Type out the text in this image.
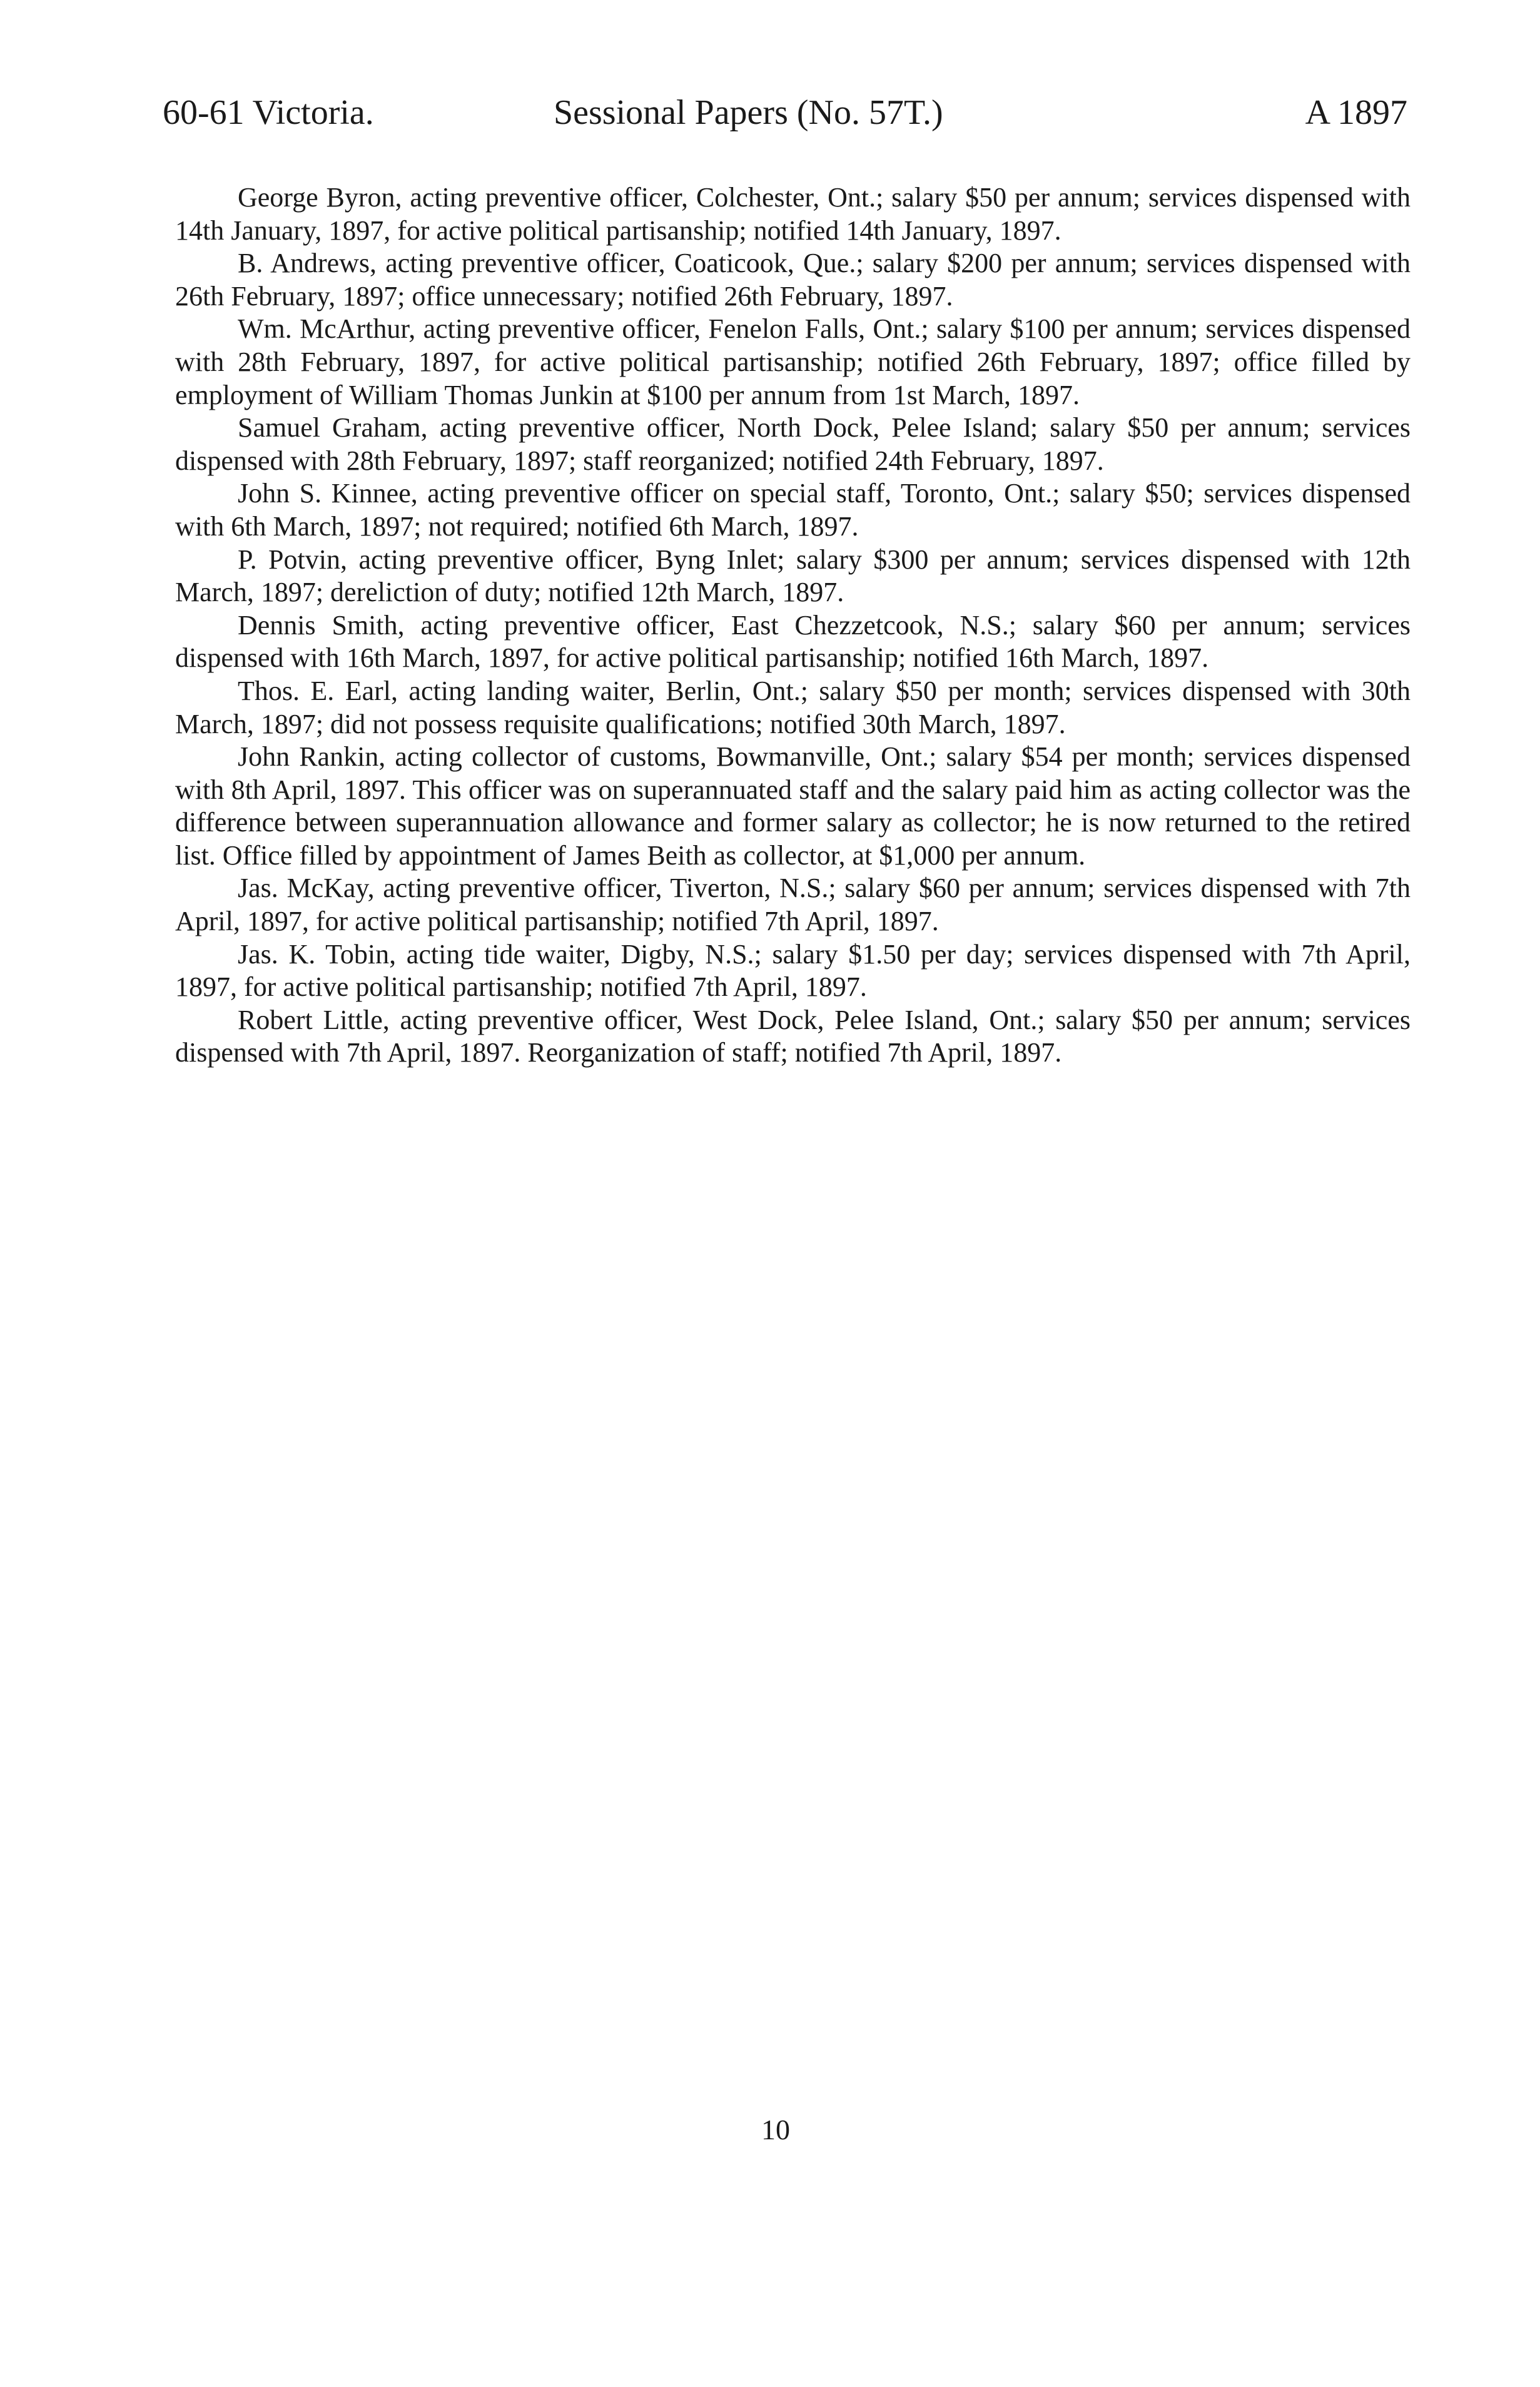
60-61 Victoria.	Sessional Papers (No. 57T.)	A 1897

George Byron, acting preventive officer, Colchester, Ont.; salary $50 per annum; services dispensed with 14th January, 1897, for active political partisanship; notified 14th January, 1897.

B. Andrews, acting preventive officer, Coaticook, Que.; salary $200 per annum; services dispensed with 26th February, 1897; office unnecessary; notified 26th February, 1897.

Wm. McArthur, acting preventive officer, Fenelon Falls, Ont.; salary $100 per annum; services dispensed with 28th February, 1897, for active political partisanship; notified 26th February, 1897; office filled by employment of William Thomas Junkin at $100 per annum from 1st March, 1897.

Samuel Graham, acting preventive officer, North Dock, Pelee Island; salary $50 per annum; services dispensed with 28th February, 1897; staff reorganized; notified 24th February, 1897.

John S. Kinnee, acting preventive officer on special staff, Toronto, Ont.; salary $50; services dispensed with 6th March, 1897; not required; notified 6th March, 1897.

P. Potvin, acting preventive officer, Byng Inlet; salary $300 per annum; services dispensed with 12th March, 1897; dereliction of duty; notified 12th March, 1897.

Dennis Smith, acting preventive officer, East Chezzetcook, N.S.; salary $60 per annum; services dispensed with 16th March, 1897, for active political partisanship; notified 16th March, 1897.

Thos. E. Earl, acting landing waiter, Berlin, Ont.; salary $50 per month; services dispensed with 30th March, 1897; did not possess requisite qualifications; notified 30th March, 1897.

John Rankin, acting collector of customs, Bowmanville, Ont.; salary $54 per month; services dispensed with 8th April, 1897. This officer was on superannuated staff and the salary paid him as acting collector was the difference between superannuation allowance and former salary as collector; he is now returned to the retired list. Office filled by appointment of James Beith as collector, at $1,000 per annum.

Jas. McKay, acting preventive officer, Tiverton, N.S.; salary $60 per annum; services dispensed with 7th April, 1897, for active political partisanship; notified 7th April, 1897.

Jas. K. Tobin, acting tide waiter, Digby, N.S.; salary $1.50 per day; services dispensed with 7th April, 1897, for active political partisanship; notified 7th April, 1897.

Robert Little, acting preventive officer, West Dock, Pelee Island, Ont.; salary $50 per annum; services dispensed with 7th April, 1897. Reorganization of staff; notified 7th April, 1897.

10
